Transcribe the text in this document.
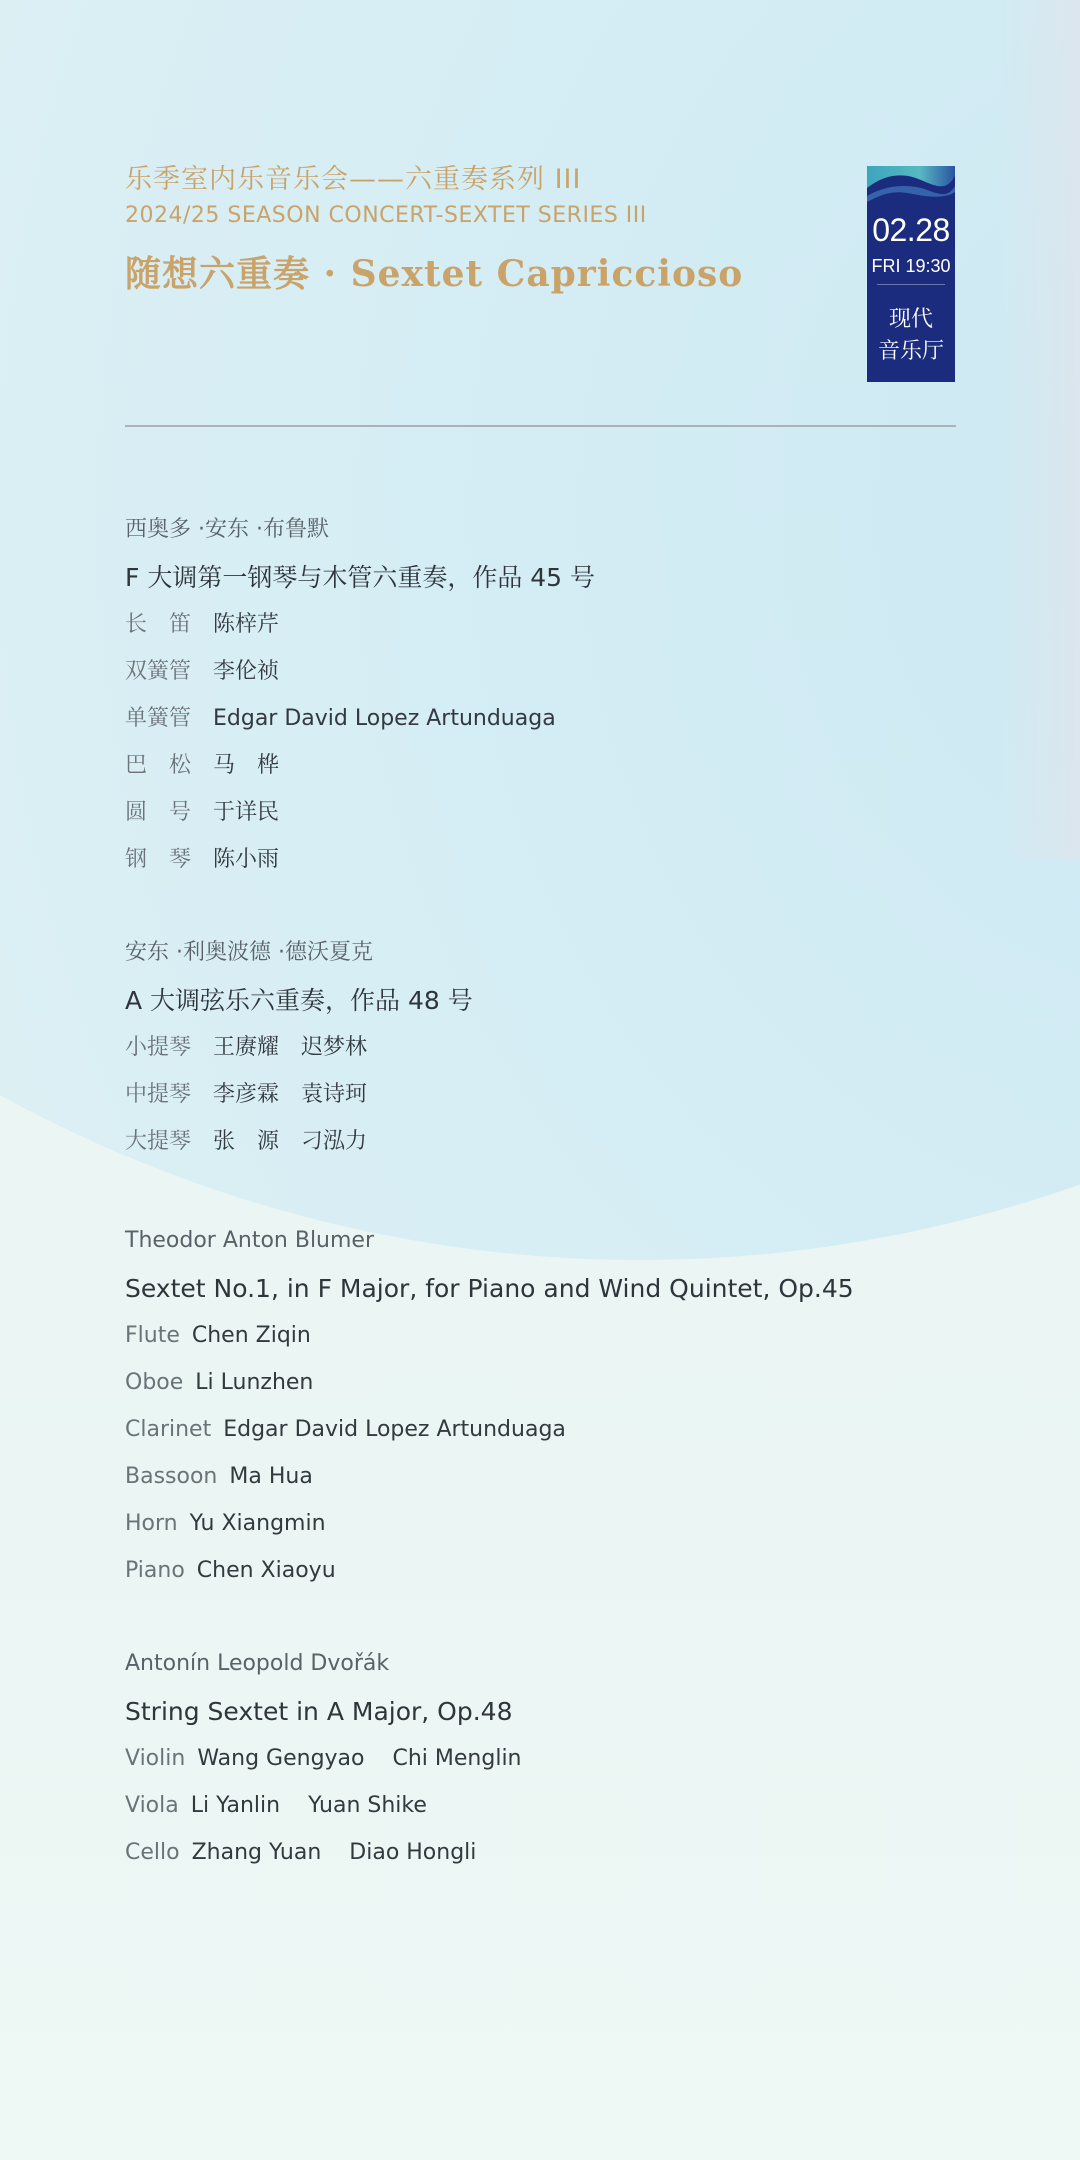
乐季室内乐音乐会——六重奏系列 III
2024/25 SEASON CONCERT-SEXTET SERIES III
随想六重奏 · Sextet Capriccioso
02.28
FRI 19:30
现代
音乐厅
西奥多 ·安东 ·布鲁默
F 大调第一钢琴与木管六重奏，作品 45 号
长　笛 陈梓芹
双簧管 李伦祯
单簧管 Edgar David Lopez Artunduaga
巴　松 马　桦
圆　号 于详民
钢　琴 陈小雨
安东 ·利奥波德 ·德沃夏克
A 大调弦乐六重奏，作品 48 号
小提琴 王赓耀 迟梦林
中提琴 李彦霖 袁诗珂
大提琴 张　源 刁泓力
Theodor Anton Blumer
Sextet No.1, in F Major, for Piano and Wind Quintet, Op.45
Flute Chen Ziqin
Oboe Li Lunzhen
Clarinet Edgar David Lopez Artunduaga
Bassoon Ma Hua
Horn Yu Xiangmin
Piano Chen Xiaoyu
Antonín Leopold Dvořák
String Sextet in A Major, Op.48
Violin Wang Gengyao Chi Menglin
Viola Li Yanlin Yuan Shike
Cello Zhang Yuan Diao Hongli
